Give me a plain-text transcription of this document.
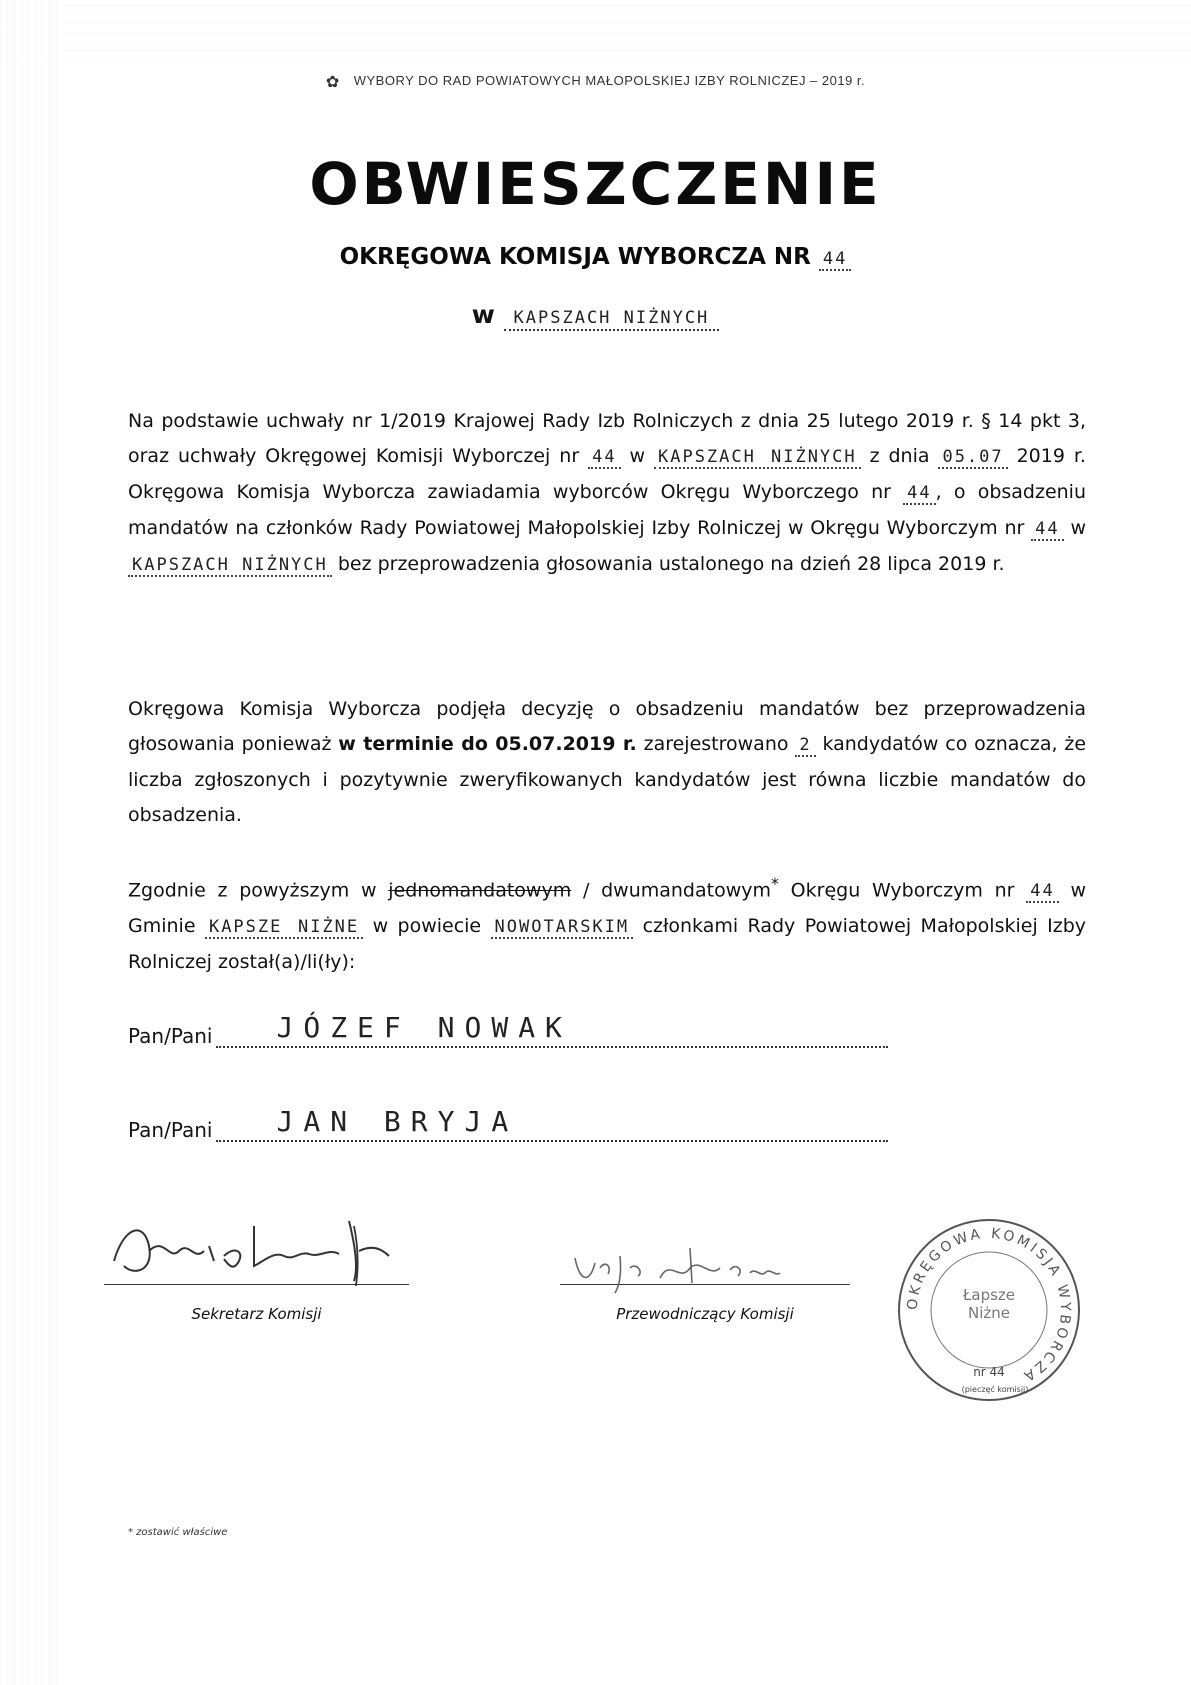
✿ WYBORY DO RAD POWIATOWYCH MAŁOPOLSKIEJ IZBY ROLNICZEJ – 2019 r.
OBWIESZCZENIE
OKRĘGOWA KOMISJA WYBORCZA NR 44
w KAPSZACH NIŻNYCH
Na podstawie uchwały nr 1/2019 Krajowej Rady Izb Rolniczych z dnia 25 lutego 2019 r. § 14 pkt 3, oraz uchwały Okręgowej Komisji Wyborczej nr 44 w KAPSZACH NIŻNYCH z dnia 05.07 2019 r. Okręgowa Komisja Wyborcza zawiadamia wyborców Okręgu Wyborczego nr 44 , o obsadzeniu mandatów na członków Rady Powiatowej Małopolskiej Izby Rolniczej w Okręgu Wyborczym nr 44 w KAPSZACH NIŻNYCH bez przeprowadzenia głosowania ustalonego na dzień 28 lipca 2019 r.
Okręgowa Komisja Wyborcza podjęła decyzję o obsadzeniu mandatów bez przeprowadzenia głosowania ponieważ w terminie do 05.07.2019 r. zarejestrowano 2 kandydatów co oznacza, że liczba zgłoszonych i pozytywnie zweryfikowanych kandydatów jest równa liczbie mandatów do obsadzenia.
Zgodnie z powyższym w jednomandatowym / dwumandatowym* Okręgu Wyborczym nr 44 w Gminie KAPSZE NIŻNE w powiecie NOWOTARSKIM członkami Rady Powiatowej Małopolskiej Izby Rolniczej został(a)/li(ły):
Pan/Pani JÓZEF NOWAK
Pan/Pani JAN BRYJA
Sekretarz Komisji	Przewodniczący Komisji
OKRĘGOWA KOMISJA WYBORCZA
Łapsze
Niżne
nr 44
(pieczęć komisji)
* zostawić właściwe
